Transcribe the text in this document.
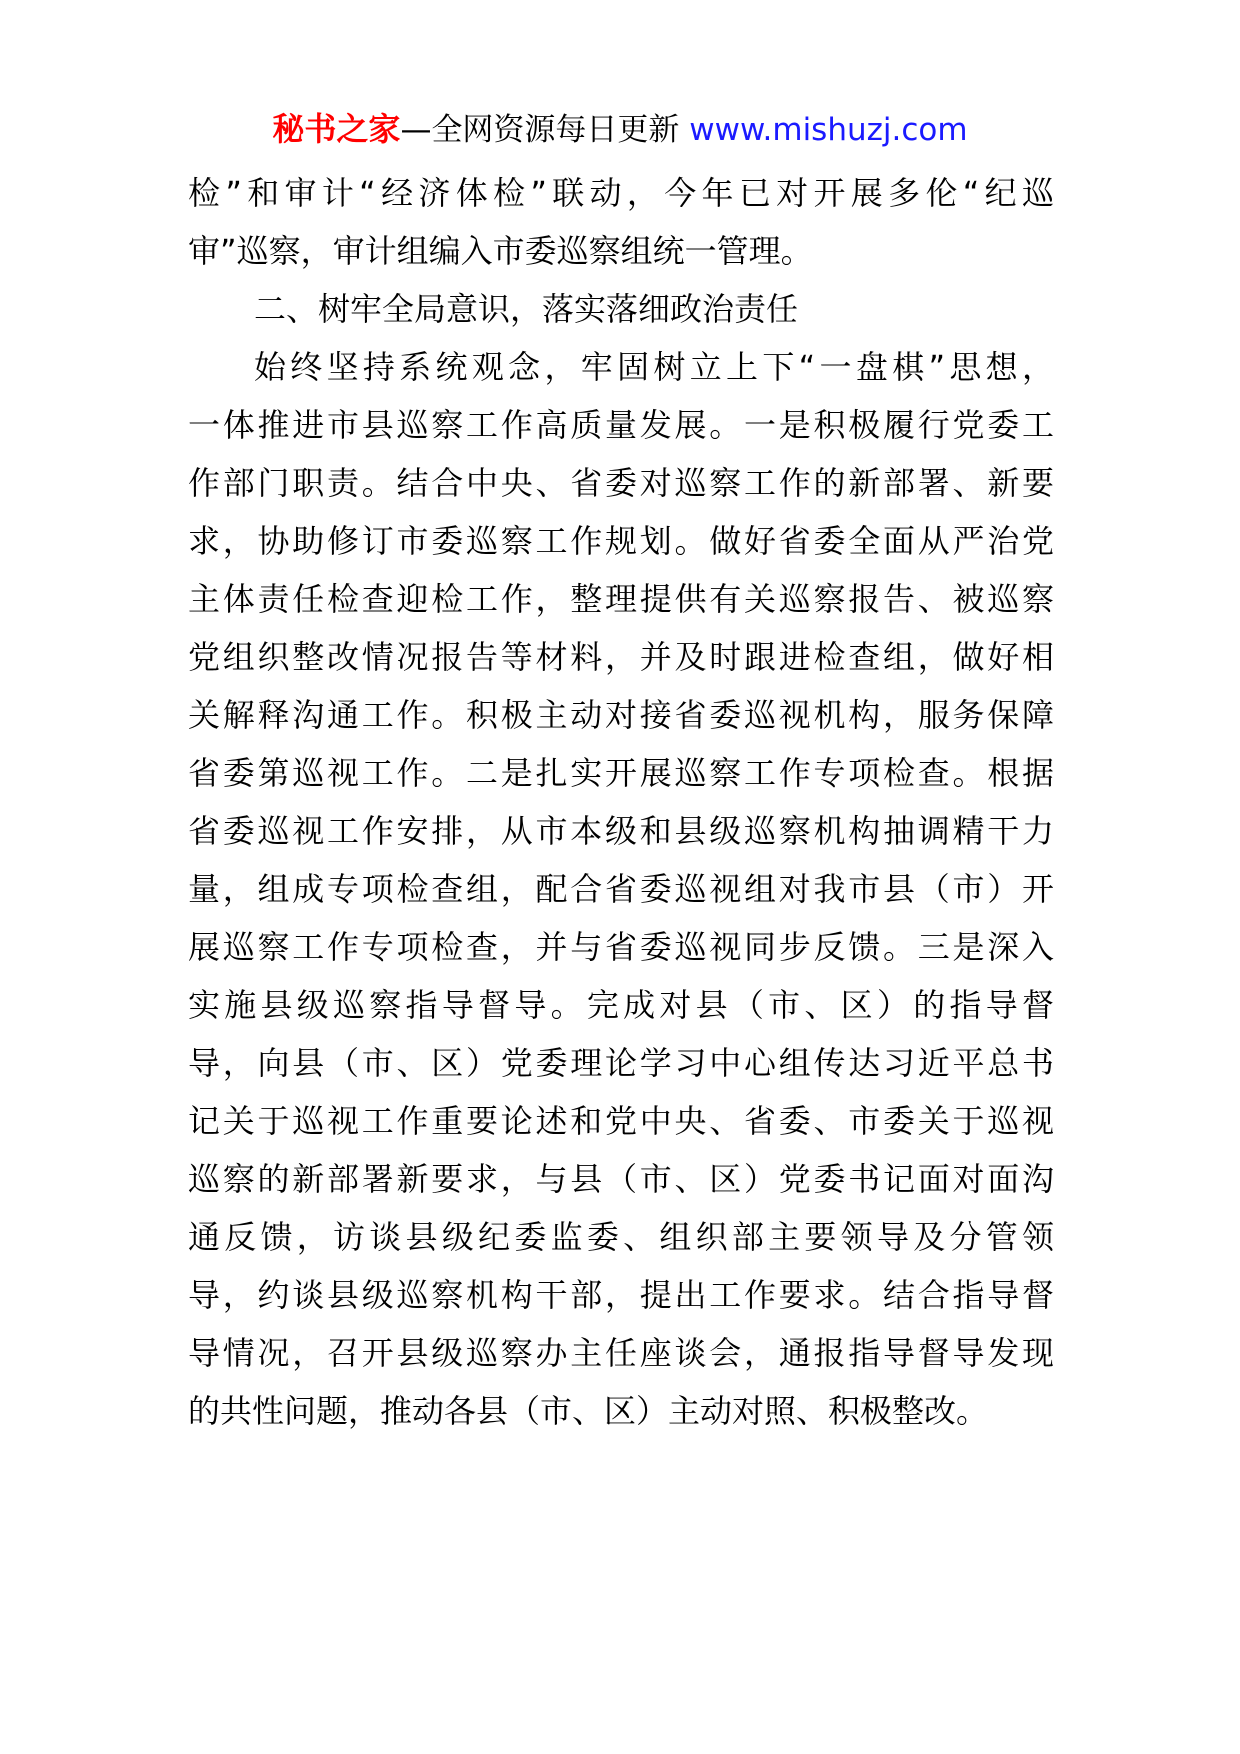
秘书之家—全网资源每日更新 www.mishuzj.com
检”和审计“经济体检”联动，今年已对开展多伦“纪巡
审”巡察，审计组编入市委巡察组统一管理。
二、树牢全局意识，落实落细政治责任
始终坚持系统观念，牢固树立上下“一盘棋”思想，
一体推进市县巡察工作高质量发展。一是积极履行党委工
作部门职责。结合中央、省委对巡察工作的新部署、新要
求，协助修订市委巡察工作规划。做好省委全面从严治党
主体责任检查迎检工作，整理提供有关巡察报告、被巡察
党组织整改情况报告等材料，并及时跟进检查组，做好相
关解释沟通工作。积极主动对接省委巡视机构，服务保障
省委第巡视工作。二是扎实开展巡察工作专项检查。根据
省委巡视工作安排，从市本级和县级巡察机构抽调精干力
量，组成专项检查组，配合省委巡视组对我市县（市）开
展巡察工作专项检查，并与省委巡视同步反馈。三是深入
实施县级巡察指导督导。完成对县（市、区）的指导督
导，向县（市、区）党委理论学习中心组传达习近平总书
记关于巡视工作重要论述和党中央、省委、市委关于巡视
巡察的新部署新要求，与县（市、区）党委书记面对面沟
通反馈，访谈县级纪委监委、组织部主要领导及分管领
导，约谈县级巡察机构干部，提出工作要求。结合指导督
导情况，召开县级巡察办主任座谈会，通报指导督导发现
的共性问题，推动各县（市、区）主动对照、积极整改。
